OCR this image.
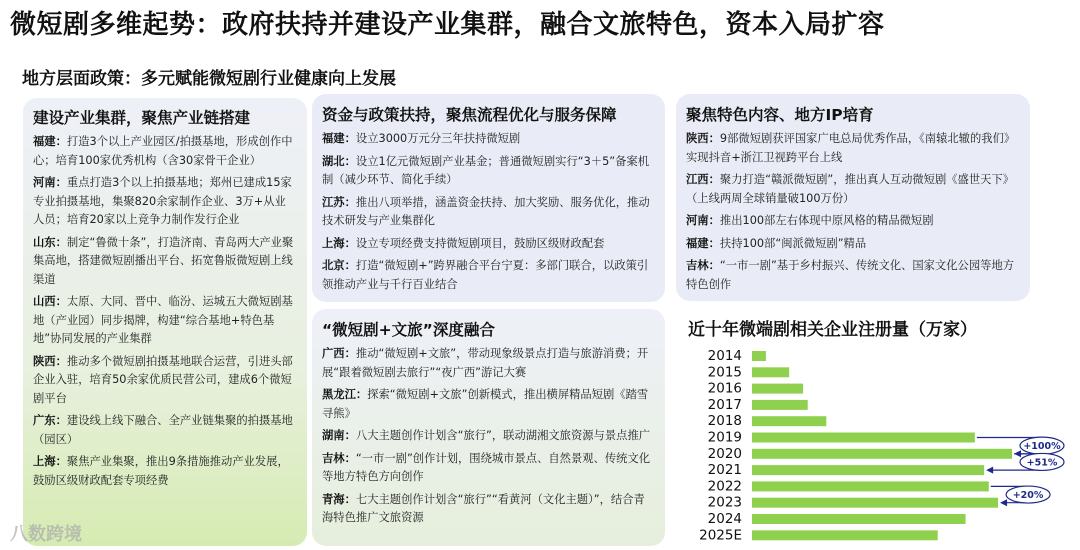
微短剧多维起势：政府扶持并建设产业集群，融合文旅特色，资本入局扩容
地方层面政策：多元赋能微短剧行业健康向上发展
建设产业集群，聚焦产业链搭建
福建：打造3个以上产业园区/拍摄基地，形成创作中心；培育100家优秀机构（含30家骨干企业）
河南：重点打造3个以上拍摄基地；郑州已建成15家专业拍摄基地，集聚820余家制作企业、3万+从业人员；培育20家以上竞争力制作发行企业
山东：制定“鲁微十条”，打造济南、青岛两大产业聚集高地，搭建微短剧播出平台、拓宽鲁版微短剧上线渠道
山西：太原、大同、晋中、临汾、运城五大微短剧基地（产业园）同步揭牌，构建“综合基地+特色基地”协同发展的产业集群
陕西：推动多个微短剧拍摄基地联合运营，引进头部企业入驻，培育50余家优质民营公司，建成6个微短剧平台
广东：建设线上线下融合、全产业链集聚的拍摄基地（园区）
上海：聚焦产业集聚，推出9条措施推动产业发展，鼓励区级财政配套专项经费
资金与政策扶持，聚焦流程优化与服务保障
福建：设立3000万元分三年扶持微短剧
湖北：设立1亿元微短剧产业基金；普通微短剧实行“3＋5”备案机制（减少环节、简化手续）
江苏：推出八项举措，涵盖资金扶持、加大奖励、服务优化，推动技术研发与产业集群化
上海：设立专项经费支持微短剧项目，鼓励区级财政配套
北京：打造“微短剧+”跨界融合平台宁夏：多部门联合，以政策引领推动产业与千行百业结合
“微短剧+文旅”深度融合
广西：推动“微短剧+文旅”，带动现象级景点打造与旅游消费；开展“跟着微短剧去旅行”“夜广西”游记大赛
黑龙江：探索“微短剧+文旅”创新模式，推出横屏精品短剧《踏雪寻熊》
湖南：八大主题创作计划含“旅行”，联动湖湘文旅资源与景点推广
吉林：“一市一剧”创作计划，围绕城市景点、自然景观、传统文化等地方特色方向创作
青海：七大主题创作计划含“旅行”“看黄河（文化主题）”，结合青海特色推广文旅资源
聚焦特色内容、地方IP培育
陕西：9部微短剧获评国家广电总局优秀作品，《南辕北辙的我们》实现抖音+浙江卫视跨平台上线
江西：聚力打造“赣派微短剧”，推出真人互动微短剧《盛世天下》（上线两周全球销量破100万份）
河南：推出100部左右体现中原风格的精品微短剧
福建：扶持100部“闽派微短剧”精品
吉林：“一市一剧”基于乡村振兴、传统文化、国家文化公园等地方特色创作
近十年微端剧相关企业注册量（万家）
2014
2015
2016
2017
2018
2019
2020
2021
2022
2023
2024
2025E
+100%
+51%
+20%
八数跨境
